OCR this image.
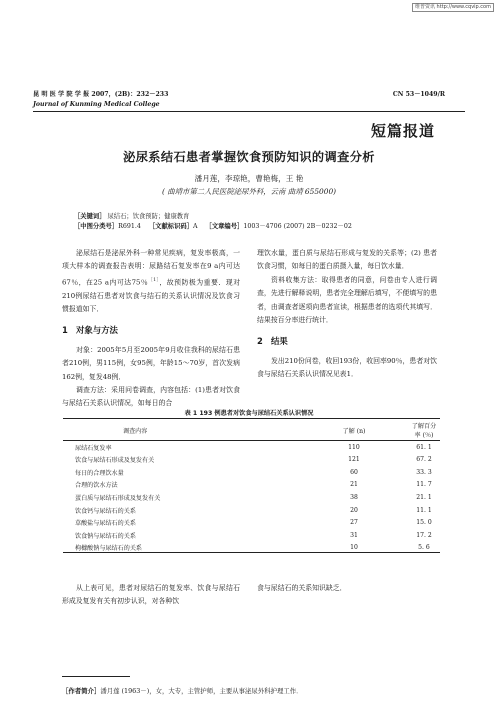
维普资讯 http://www.cqvip.com
昆 明 医 学 院 学 报 2007，(2B)：232－233
Journal of Kunming Medical College
CN 53－1049/R
短篇报道
泌尿系结石患者掌握饮食预防知识的调查分析
潘月莲，李琼艳，曹艳梅，王 艳
( 曲靖市第二人民医院泌尿外科，云南 曲靖 655000)
［关键词］ 尿结石；饮食预防；健康教育
［中图分类号］R691.4 ［文献标识码］A ［文章编号］1003－4706 (2007) 2B－0232－02

泌尿结石是泌尿外科一种常见疾病，复发率极高，一项大样本的调查报告表明：尿路结石复发率在9 a内可达67％，在25 a内可达75％$^{[1]}$，故预防极为重要．现对210例尿结石患者对饮食与结石的关系认识情况及饮食习惯报道如下．

1 对象与方法

对象：2005年5月至2005年9月收住我科的尿结石患者210例，男115例，女95例，年龄15～70岁，首次发病162例，复发48例．

调查方法：采用问卷调查，内容包括：(1)患者对饮食与尿结石关系认识情况，如每日的合

理饮水量，蛋白质与尿结石形成与复发的关系等；(2) 患者饮食习惯，如每日的蛋白质摄入量，每日饮水量．

资料收集方法：取得患者的同意，问卷由专人进行调查，先进行解释说明，患者完全理解后填写，不便填写的患者，由调查者逐项向患者宣读，根据患者的选项代其填写．结果按百分率进行统计．

2 结果

发出210份问卷，收回193份，收回率90％，患者对饮食与尿结石关系认识情况见表1．

表 1 193 例患者对饮食与尿结石关系认识情况
调查内容	了解 (n)	了解百分率 (％)
尿结石复发率	110	61. 1
饮食与尿结石形成及复发有关	121	67. 2
每日的合理饮水量	60	33. 3
合理的饮水方法	21	11. 7
蛋白质与尿结石形成及复发有关	38	21. 1
饮食钙与尿结石的关系	20	11. 1
草酸盐与尿结石的关系	27	15. 0
饮食钠与尿结石的关系	31	17. 2
枸橼酸钠与尿结石的关系	10	5. 6

从上表可见，患者对尿结石的复发率、饮食与尿结石形成及复发有关有初步认识，对各种饮

食与尿结石的关系知识缺乏．

［作者简介］潘月莲 (1963－)，女，大专，主管护师，主要从事泌尿外科护理工作．
